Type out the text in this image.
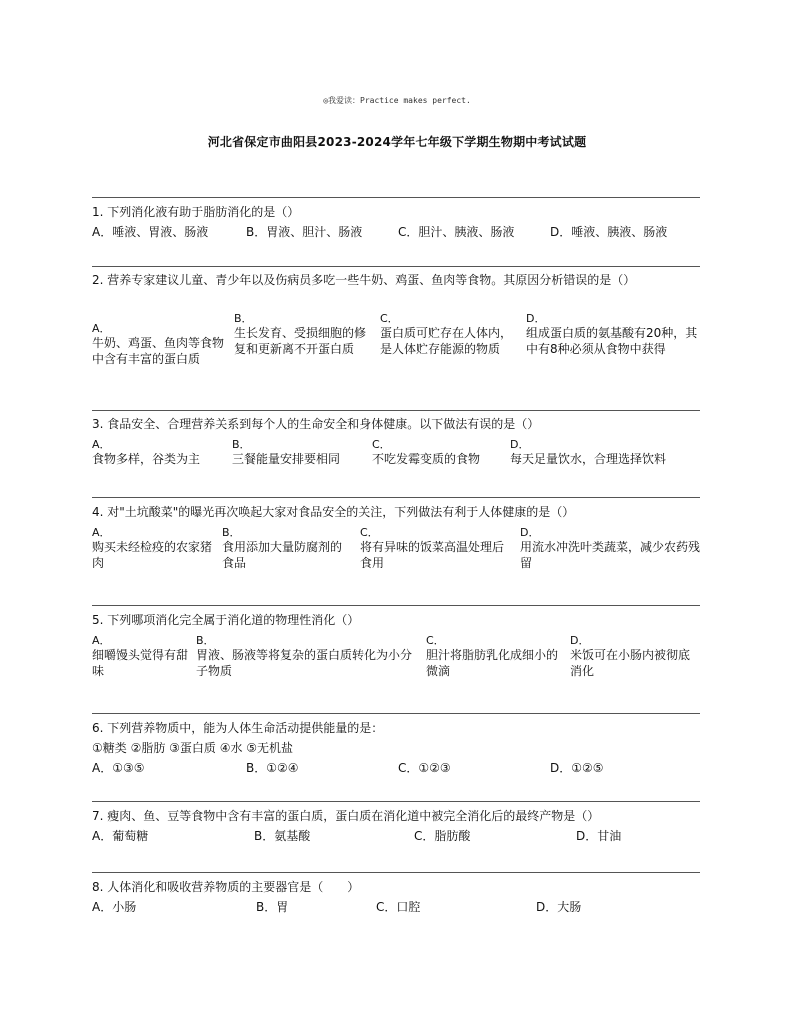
◎我爱读：Practice makes perfect.
河北省保定市曲阳县2023-2024学年七年级下学期生物期中考试试题
1. 下列消化液有助于脂肪消化的是（）
A．唾液、胃液、肠液	B．胃液、胆汁、肠液	C．胆汁、胰液、肠液	D．唾液、胰液、肠液
2. 营养专家建议儿童、青少年以及伤病员多吃一些牛奶、鸡蛋、鱼肉等食物。其原因分析错误的是（）
A．
牛奶、鸡蛋、鱼肉等食物中含有丰富的蛋白质
B．
生长发育、受损细胞的修复和更新离不开蛋白质
C．
蛋白质可贮存在人体内，是人体贮存能源的物质
D．
组成蛋白质的氨基酸有20种，其中有8种必须从食物中获得
3. 食品安全、合理营养关系到每个人的生命安全和身体健康。以下做法有误的是（）
A．
食物多样，谷类为主
B．
三餐能量安排要相同
C．
不吃发霉变质的食物
D．
每天足量饮水，合理选择饮料
4. 对"土坑酸菜"的曝光再次唤起大家对食品安全的关注，下列做法有利于人体健康的是（）
A．
购买未经检疫的农家猪肉
B．
食用添加大量防腐剂的食品
C．
将有异味的饭菜高温处理后食用
D．
用流水冲洗叶类蔬菜，减少农药残留
5. 下列哪项消化完全属于消化道的物理性消化（）
A．
细嚼馒头觉得有甜味
B．
胃液、肠液等将复杂的蛋白质转化为小分子物质
C．
胆汁将脂肪乳化成细小的微滴
D．
米饭可在小肠内被彻底消化
6. 下列营养物质中，能为人体生命活动提供能量的是：
①糖类 ②脂肪 ③蛋白质 ④水 ⑤无机盐
A．①③⑤	B．①②④	C．①②③	D．①②⑤
7. 瘦肉、鱼、豆等食物中含有丰富的蛋白质，蛋白质在消化道中被完全消化后的最终产物是（）
A．葡萄糖	B．氨基酸	C．脂肪酸	D．甘油
8. 人体消化和吸收营养物质的主要器官是（　　）
A．小肠	B．胃	C．口腔	D．大肠
